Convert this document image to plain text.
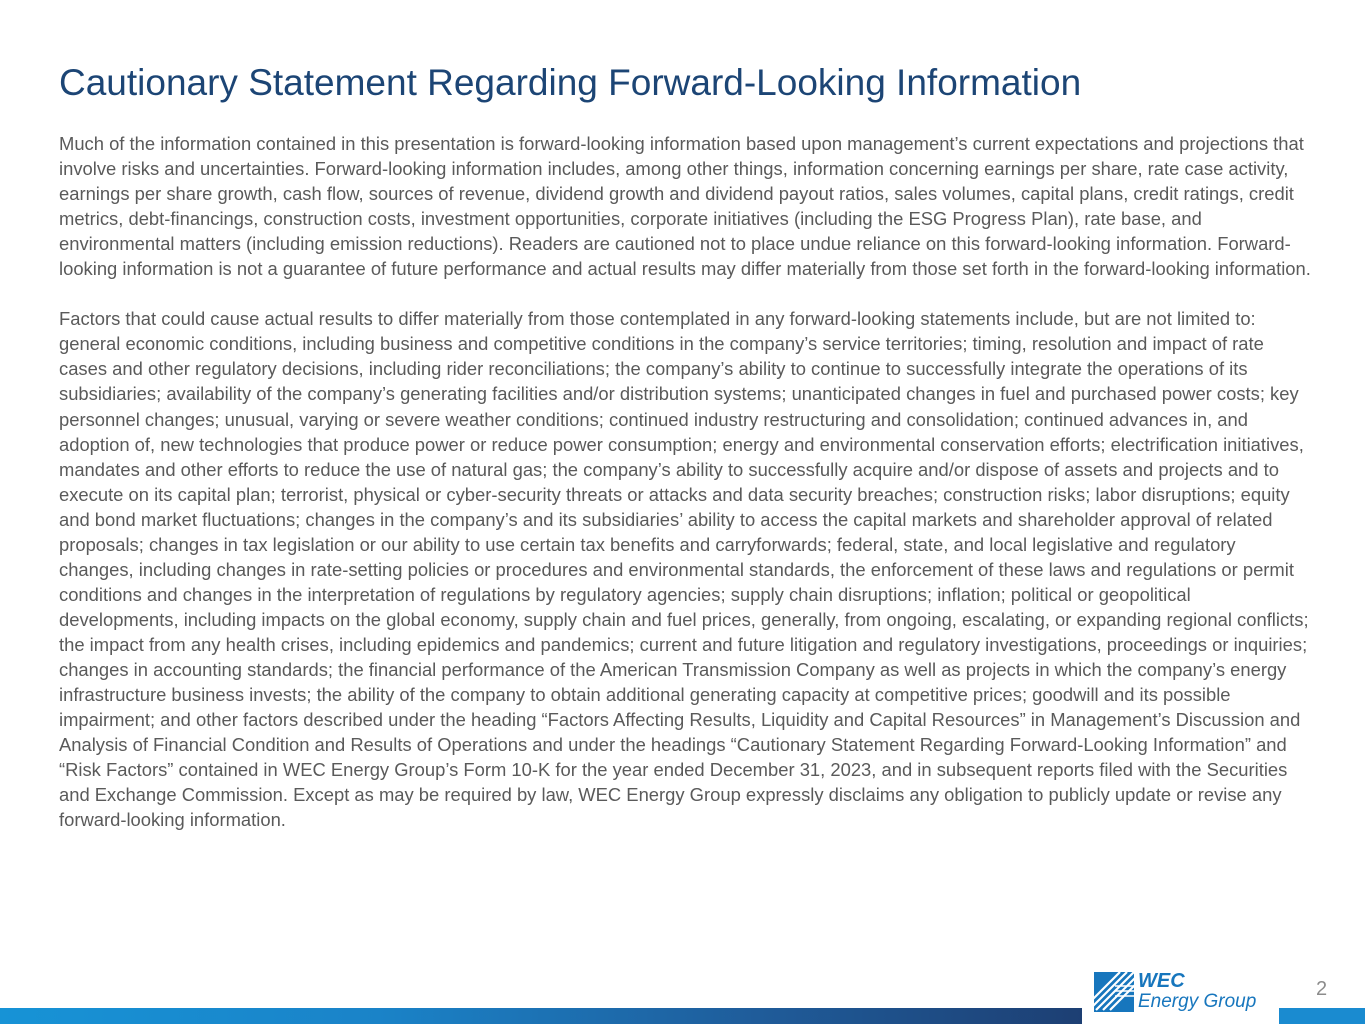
Cautionary Statement Regarding Forward-Looking Information

Much of the information contained in this presentation is forward-looking information based upon management’s current expectations and projections that involve risks and uncertainties. Forward-looking information includes, among other things, information concerning earnings per share, rate case activity, earnings per share growth, cash flow, sources of revenue, dividend growth and dividend payout ratios, sales volumes, capital plans, credit ratings, credit metrics, debt-financings, construction costs, investment opportunities, corporate initiatives (including the ESG Progress Plan), rate base, and environmental matters (including emission reductions). Readers are cautioned not to place undue reliance on this forward-looking information. Forward-looking information is not a guarantee of future performance and actual results may differ materially from those set forth in the forward-looking information.

Factors that could cause actual results to differ materially from those contemplated in any forward-looking statements include, but are not limited to: general economic conditions, including business and competitive conditions in the company’s service territories; timing, resolution and impact of rate cases and other regulatory decisions, including rider reconciliations; the company’s ability to continue to successfully integrate the operations of its subsidiaries; availability of the company’s generating facilities and/or distribution systems; unanticipated changes in fuel and purchased power costs; key personnel changes; unusual, varying or severe weather conditions; continued industry restructuring and consolidation; continued advances in, and adoption of, new technologies that produce power or reduce power consumption; energy and environmental conservation efforts; electrification initiatives, mandates and other efforts to reduce the use of natural gas; the company’s ability to successfully acquire and/or dispose of assets and projects and to execute on its capital plan; terrorist, physical or cyber-security threats or attacks and data security breaches; construction risks; labor disruptions; equity and bond market fluctuations; changes in the company’s and its subsidiaries’ ability to access the capital markets and shareholder approval of related proposals; changes in tax legislation or our ability to use certain tax benefits and carryforwards; federal, state, and local legislative and regulatory changes, including changes in rate-setting policies or procedures and environmental standards, the enforcement of these laws and regulations or permit conditions and changes in the interpretation of regulations by regulatory agencies; supply chain disruptions; inflation; political or geopolitical developments, including impacts on the global economy, supply chain and fuel prices, generally, from ongoing, escalating, or expanding regional conflicts; the impact from any health crises, including epidemics and pandemics; current and future litigation and regulatory investigations, proceedings or inquiries; changes in accounting standards; the financial performance of the American Transmission Company as well as projects in which the company’s energy infrastructure business invests; the ability of the company to obtain additional generating capacity at competitive prices; goodwill and its possible impairment; and other factors described under the heading “Factors Affecting Results, Liquidity and Capital Resources” in Management’s Discussion and Analysis of Financial Condition and Results of Operations and under the headings “Cautionary Statement Regarding Forward-Looking Information” and “Risk Factors” contained in WEC Energy Group’s Form 10-K for the year ended December 31, 2023, and in subsequent reports filed with the Securities and Exchange Commission. Except as may be required by law, WEC Energy Group expressly disclaims any obligation to publicly update or revise any forward-looking information.

WEC
Energy Group
2
